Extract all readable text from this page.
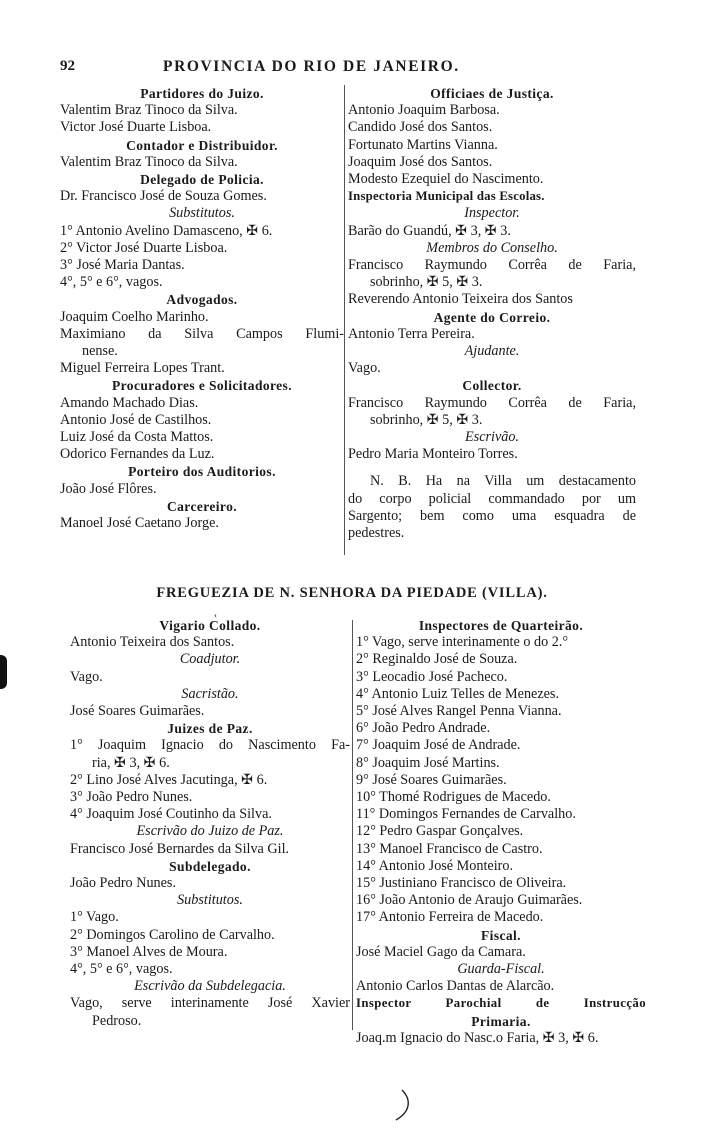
92	PROVINCIA DO RIO DE JANEIRO.
Partidores do Juizo.
Valentim Braz Tinoco da Silva.
Victor José Duarte Lisboa.
Contador e Distribuidor.
Valentim Braz Tinoco da Silva.
Delegado de Policia.
Dr. Francisco José de Souza Gomes.
Substitutos.
1° Antonio Avelino Damasceno, ✠ 6.
2° Victor José Duarte Lisboa.
3° José Maria Dantas.
4°, 5° e 6°, vagos.
Advogados.
Joaquim Coelho Marinho.
Maximiano da Silva Campos Flumi-
nense.
Miguel Ferreira Lopes Trant.
Procuradores e Solicitadores.
Amando Machado Dias.
Antonio José de Castilhos.
Luiz José da Costa Mattos.
Odorico Fernandes da Luz.
Porteiro dos Auditorios.
João José Flôres.
Carcereiro.
Manoel José Caetano Jorge.
Officiaes de Justiça.
Antonio Joaquim Barbosa.
Candido José dos Santos.
Fortunato Martins Vianna.
Joaquim José dos Santos.
Modesto Ezequiel do Nascimento.
Inspectoria Municipal das Escolas.
Inspector.
Barão do Guandú, ✠ 3, ✠ 3.
Membros do Conselho.
Francisco Raymundo Corrêa de Faria,
sobrinho, ✠ 5, ✠ 3.
Reverendo Antonio Teixeira dos Santos
Agente do Correio.
Antonio Terra Pereira.
Ajudante.
Vago.
Collector.
Francisco Raymundo Corrêa de Faria,
sobrinho, ✠ 5, ✠ 3.
Escrivão.
Pedro Maria Monteiro Torres.
N. B. Ha na Villa um destacamento
do corpo policial commandado por um
Sargento; bem como uma esquadra de
pedestres.
FREGUEZIA DE N. SENHORA DA PIEDADE (VILLA).
‹
Vigario Collado.
Antonio Teixeira dos Santos.
Coadjutor.
Vago.
Sacristão.
José Soares Guimarães.
Juizes de Paz.
1° Joaquim Ignacio do Nascimento Fa-
ria, ✠ 3, ✠ 6.
2° Lino José Alves Jacutinga, ✠ 6.
3° João Pedro Nunes.
4° Joaquim José Coutinho da Silva.
Escrivão do Juizo de Paz.
Francisco José Bernardes da Silva Gil.
Subdelegado.
João Pedro Nunes.
Substitutos.
1° Vago.
2° Domingos Carolino de Carvalho.
3° Manoel Alves de Moura.
4°, 5° e 6°, vagos.
Escrivão da Subdelegacia.
Vago, serve interinamente José Xavier
Pedroso.
Inspectores de Quarteirão.
1° Vago, serve interinamente o do 2.°
2° Reginaldo José de Souza.
3° Leocadio José Pacheco.
4° Antonio Luiz Telles de Menezes.
5° José Alves Rangel Penna Vianna.
6° João Pedro Andrade.
7° Joaquim José de Andrade.
8° Joaquim José Martins.
9° José Soares Guimarães.
10° Thomé Rodrigues de Macedo.
11° Domingos Fernandes de Carvalho.
12° Pedro Gaspar Gonçalves.
13° Manoel Francisco de Castro.
14° Antonio José Monteiro.
15° Justiniano Francisco de Oliveira.
16° João Antonio de Araujo Guimarães.
17° Antonio Ferreira de Macedo.
Fiscal.
José Maciel Gago da Camara.
Guarda-Fiscal.
Antonio Carlos Dantas de Alarcão.
Inspector Parochial de Instrucção
Primaria.
Joaq.m Ignacio do Nasc.o Faria, ✠ 3, ✠ 6.
